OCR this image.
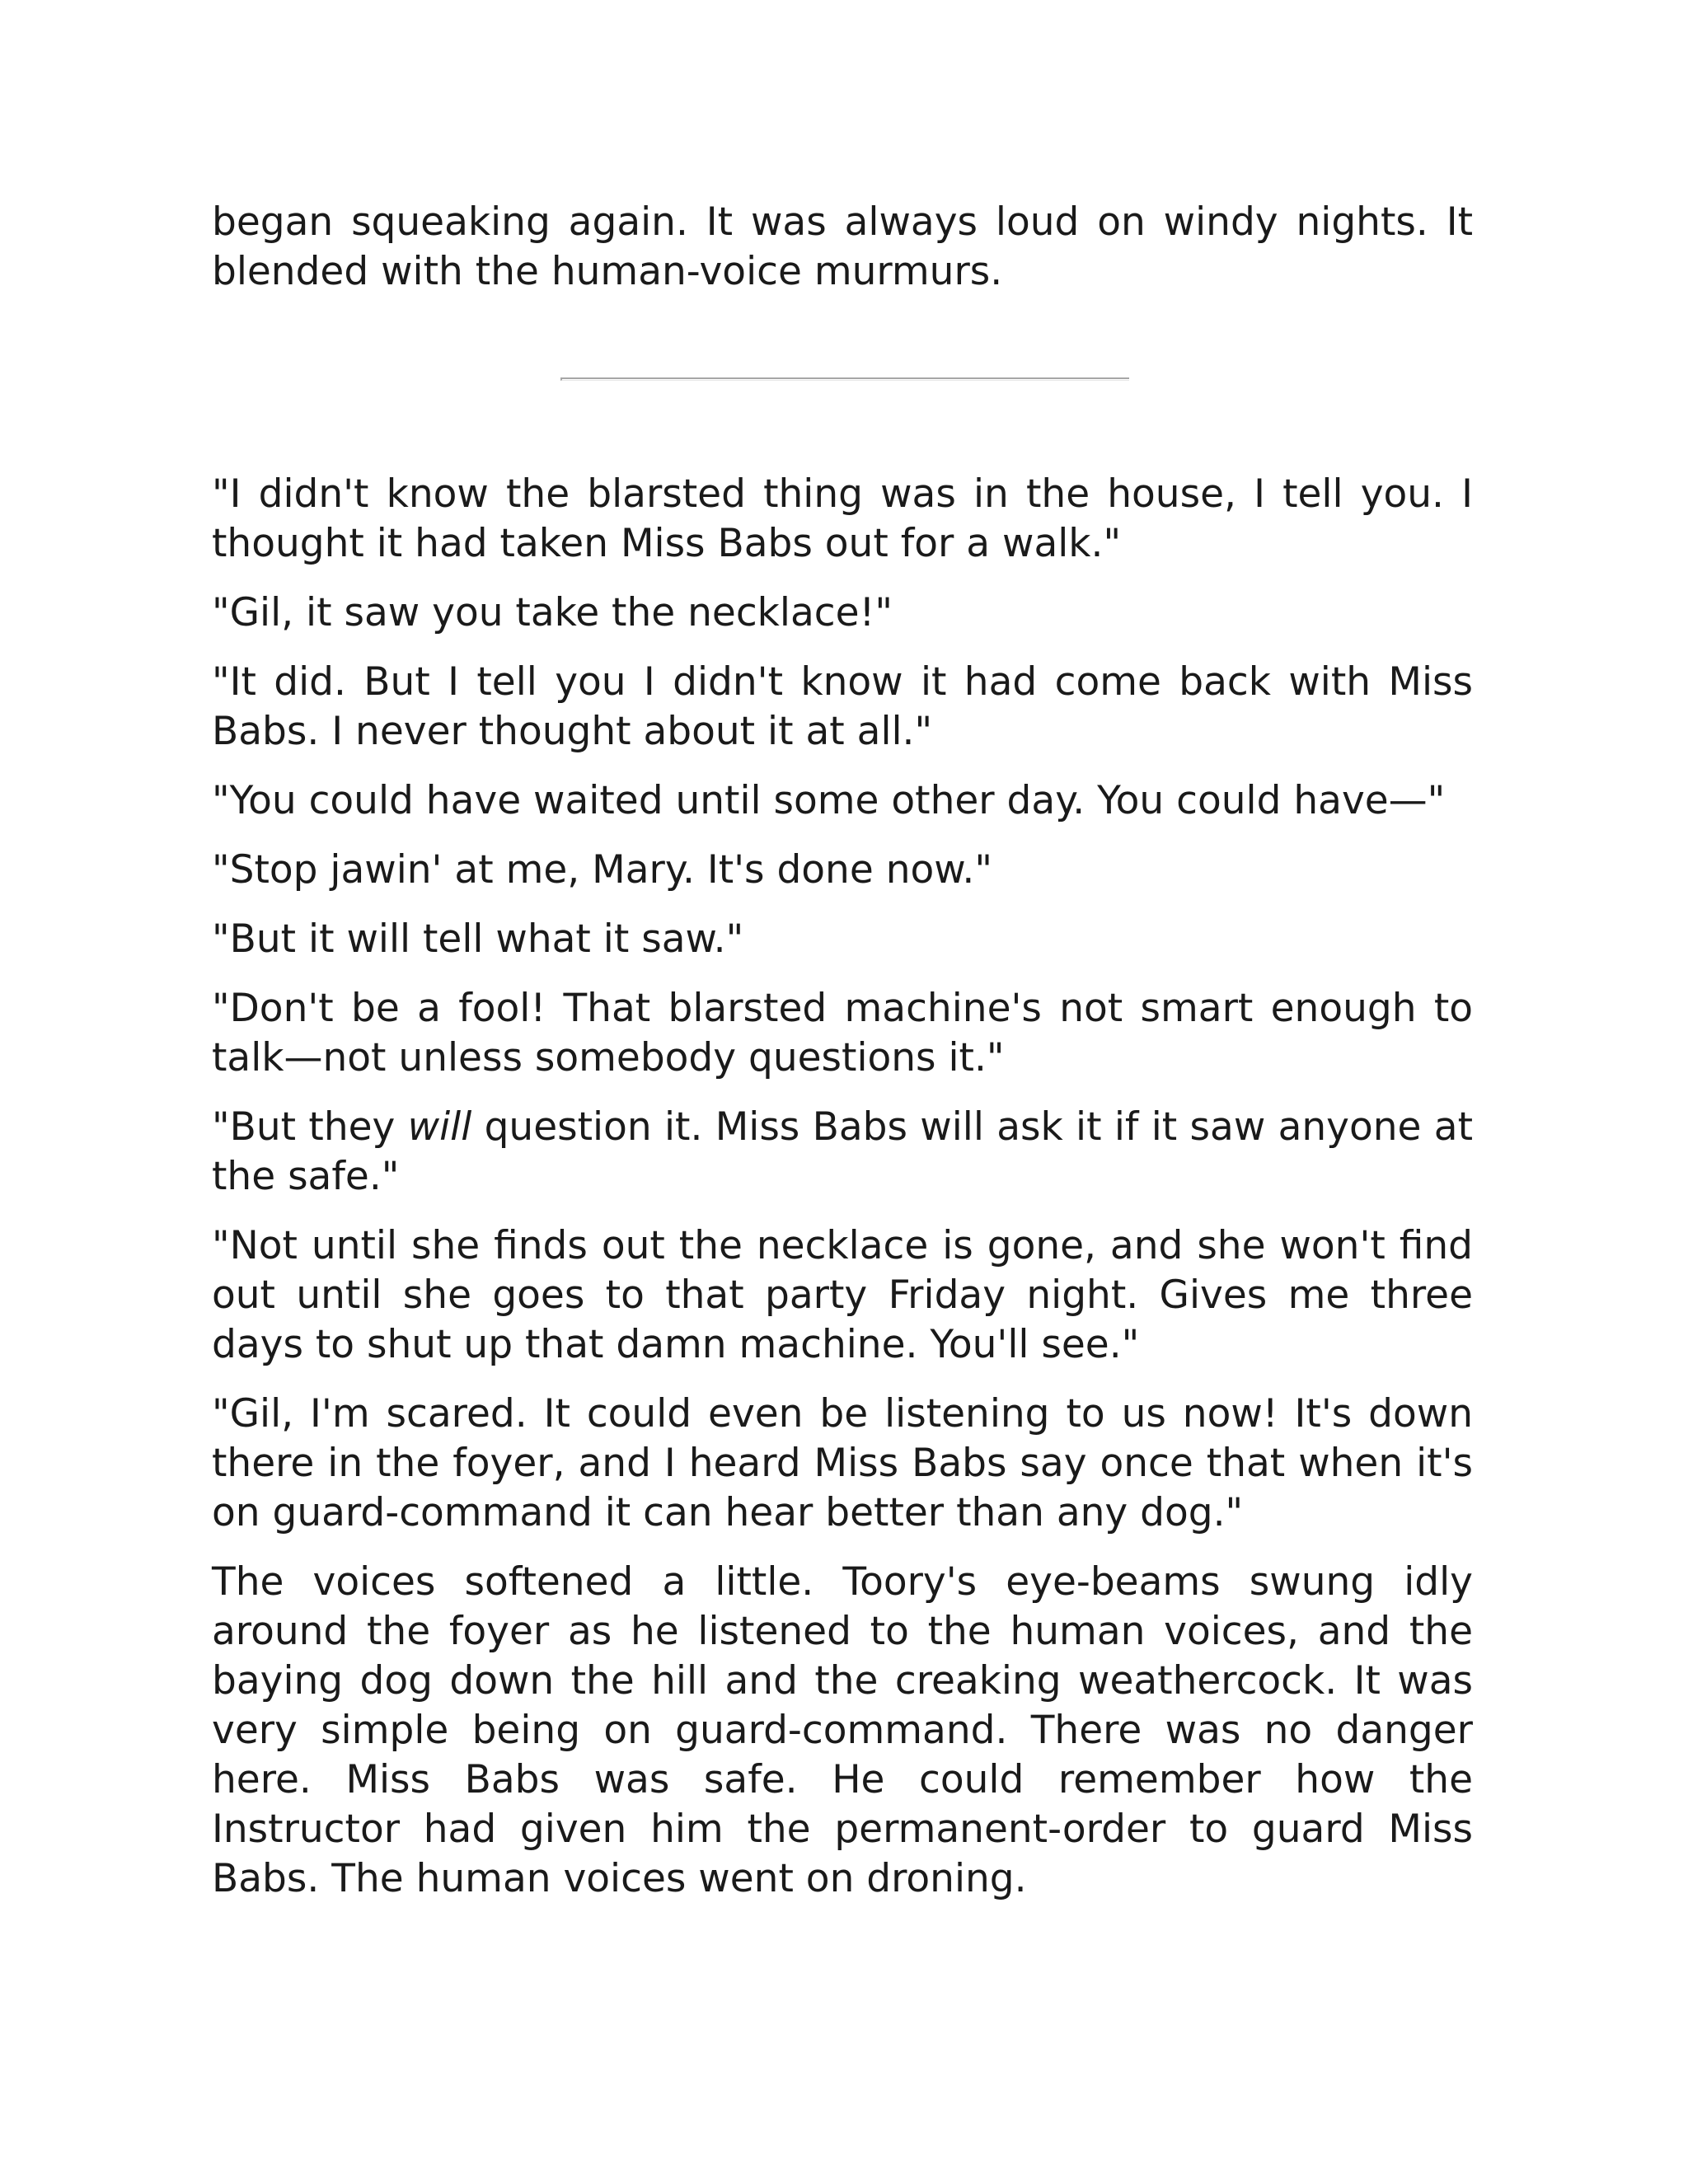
began squeaking again. It was always loud on windy nights. It blended with the human-voice murmurs.

"I didn't know the blarsted thing was in the house, I tell you. I thought it had taken Miss Babs out for a walk."

"Gil, it saw you take the necklace!"

"It did. But I tell you I didn't know it had come back with Miss Babs. I never thought about it at all."

"You could have waited until some other day. You could have—"

"Stop jawin' at me, Mary. It's done now."

"But it will tell what it saw."

"Don't be a fool! That blarsted machine's not smart enough to talk—not unless somebody questions it."

"But they will question it. Miss Babs will ask it if it saw anyone at the safe."

"Not until she finds out the necklace is gone, and she won't find out until she goes to that party Friday night. Gives me three days to shut up that damn machine. You'll see."

"Gil, I'm scared. It could even be listening to us now! It's down there in the foyer, and I heard Miss Babs say once that when it's on guard-command it can hear better than any dog."

The voices softened a little. Toory's eye-beams swung idly around the foyer as he listened to the human voices, and the baying dog down the hill and the creaking weathercock. It was very simple being on guard-command. There was no danger here. Miss Babs was safe. He could remember how the Instructor had given him the permanent-order to guard Miss Babs. The human voices went on droning.
